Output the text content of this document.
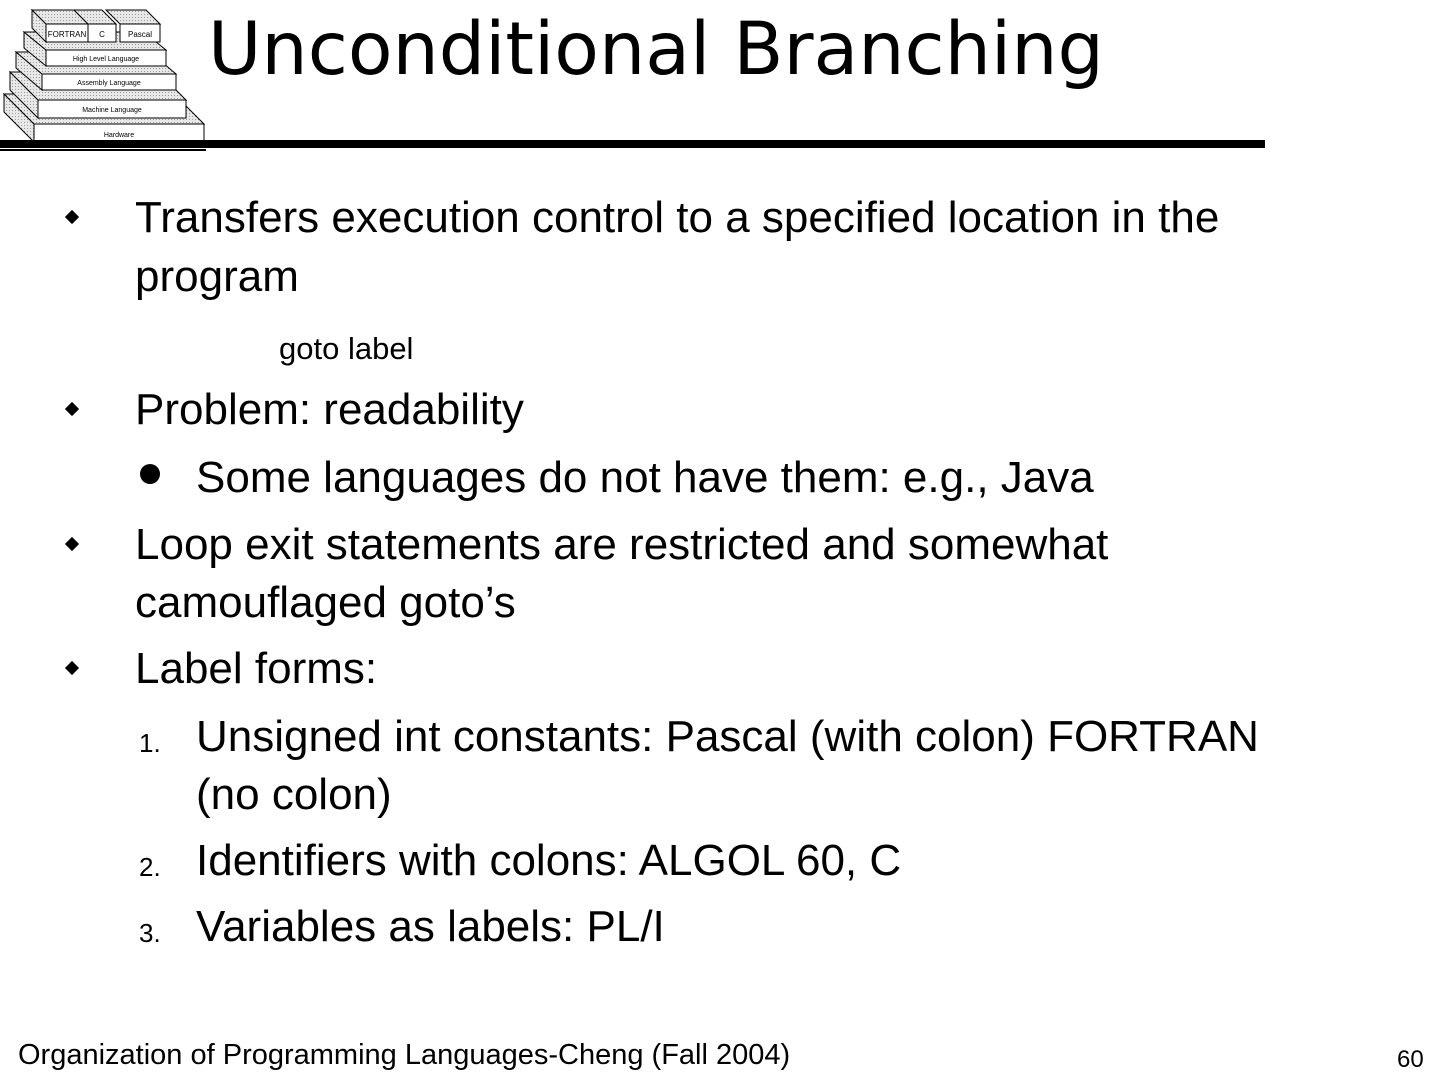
FORTRAN C	Pascal
High Level Language
Assembly Language
Machine Language
Hardware
Unconditional Branching
Transfers execution control to a specified location in the
program
goto label
Problem: readability
Some languages do not have them: e.g., Java
Loop exit statements are restricted and somewhat
camouflaged goto’s
Label forms:
1. Unsigned int constants: Pascal (with colon) FORTRAN
(no colon)
2. Identifiers with colons: ALGOL 60, C
3. Variables as labels: PL/I
Organization of Programming Languages-Cheng (Fall 2004)	60
